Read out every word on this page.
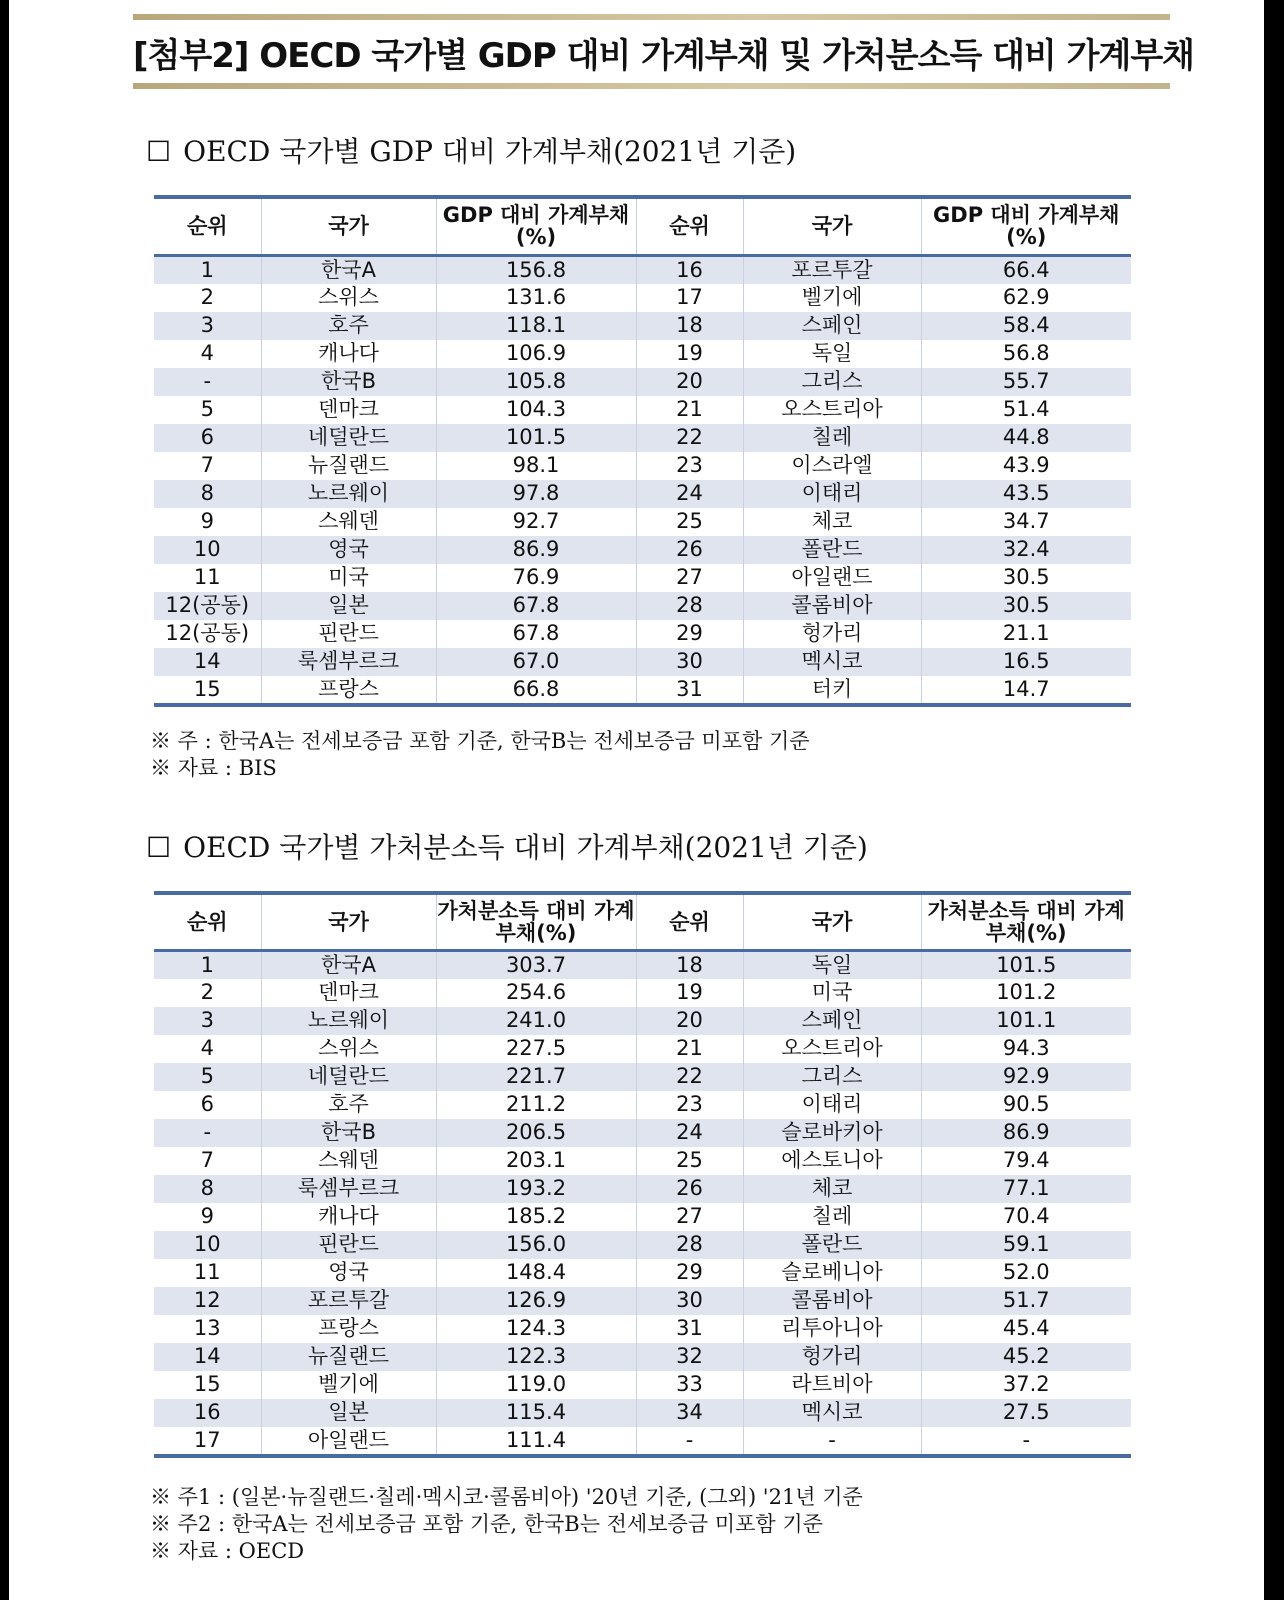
[첨부2] OECD 국가별 GDP 대비 가계부채 및 가처분소득 대비 가계부채
☐ OECD 국가별 GDP 대비 가계부채(2021년 기준)
순위	국가	GDP 대비 가계부채(%)	순위	국가	GDP 대비 가계부채(%)
1	한국A	156.8	16	포르투갈	66.4
2	스위스	131.6	17	벨기에	62.9
3	호주	118.1	18	스페인	58.4
4	캐나다	106.9	19	독일	56.8
-	한국B	105.8	20	그리스	55.7
5	덴마크	104.3	21	오스트리아	51.4
6	네덜란드	101.5	22	칠레	44.8
7	뉴질랜드	98.1	23	이스라엘	43.9
8	노르웨이	97.8	24	이태리	43.5
9	스웨덴	92.7	25	체코	34.7
10	영국	86.9	26	폴란드	32.4
11	미국	76.9	27	아일랜드	30.5
12(공동)	일본	67.8	28	콜롬비아	30.5
12(공동)	핀란드	67.8	29	헝가리	21.1
14	룩셈부르크	67.0	30	멕시코	16.5
15	프랑스	66.8	31	터키	14.7
※ 주 : 한국A는 전세보증금 포함 기준, 한국B는 전세보증금 미포함 기준
※ 자료 : BIS
☐ OECD 국가별 가처분소득 대비 가계부채(2021년 기준)
순위	국가	가처분소득 대비 가계부채(%)	순위	국가	가처분소득 대비 가계부채(%)
1	한국A	303.7	18	독일	101.5
2	덴마크	254.6	19	미국	101.2
3	노르웨이	241.0	20	스페인	101.1
4	스위스	227.5	21	오스트리아	94.3
5	네덜란드	221.7	22	그리스	92.9
6	호주	211.2	23	이태리	90.5
-	한국B	206.5	24	슬로바키아	86.9
7	스웨덴	203.1	25	에스토니아	79.4
8	룩셈부르크	193.2	26	체코	77.1
9	캐나다	185.2	27	칠레	70.4
10	핀란드	156.0	28	폴란드	59.1
11	영국	148.4	29	슬로베니아	52.0
12	포르투갈	126.9	30	콜롬비아	51.7
13	프랑스	124.3	31	리투아니아	45.4
14	뉴질랜드	122.3	32	헝가리	45.2
15	벨기에	119.0	33	라트비아	37.2
16	일본	115.4	34	멕시코	27.5
17	아일랜드	111.4	-	-	-
※ 주1 : (일본·뉴질랜드·칠레·멕시코·콜롬비아) '20년 기준, (그외) '21년 기준
※ 주2 : 한국A는 전세보증금 포함 기준, 한국B는 전세보증금 미포함 기준
※ 자료 : OECD
